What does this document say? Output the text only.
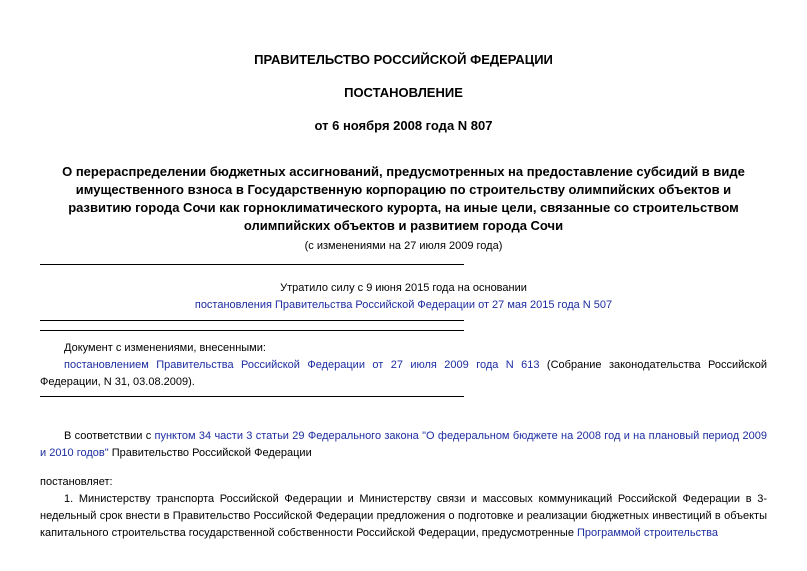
ПРАВИТЕЛЬСТВО РОССИЙСКОЙ ФЕДЕРАЦИИ
ПОСТАНОВЛЕНИЕ
от 6 ноября 2008 года N 807
О перераспределении бюджетных ассигнований, предусмотренных на предоставление субсидий в виде
имущественного взноса в Государственную корпорацию по строительству олимпийских объектов и
развитию города Сочи как горноклиматического курорта, на иные цели, связанные со строительством
олимпийских объектов и развитием города Сочи
(с изменениями на 27 июля 2009 года)
Утратило силу с 9 июня 2015 года на основании
постановления Правительства Российской Федерации от 27 мая 2015 года N 507
Документ с изменениями, внесенными:
постановлением Правительства Российской Федерации от 27 июля 2009 года N 613 (Собрание законодательства Российской Федерации, N 31, 03.08.2009).
В соответствии с пунктом 34 части 3 статьи 29 Федерального закона "О федеральном бюджете на 2008 год и на плановый период 2009 и 2010 годов" Правительство Российской Федерации
постановляет:
1. Министерству транспорта Российской Федерации и Министерству связи и массовых коммуникаций Российской Федерации в 3-недельный срок внести в Правительство Российской Федерации предложения о подготовке и реализации бюджетных инвестиций в объекты капитального строительства государственной собственности Российской Федерации, предусмотренные Программой строительства
